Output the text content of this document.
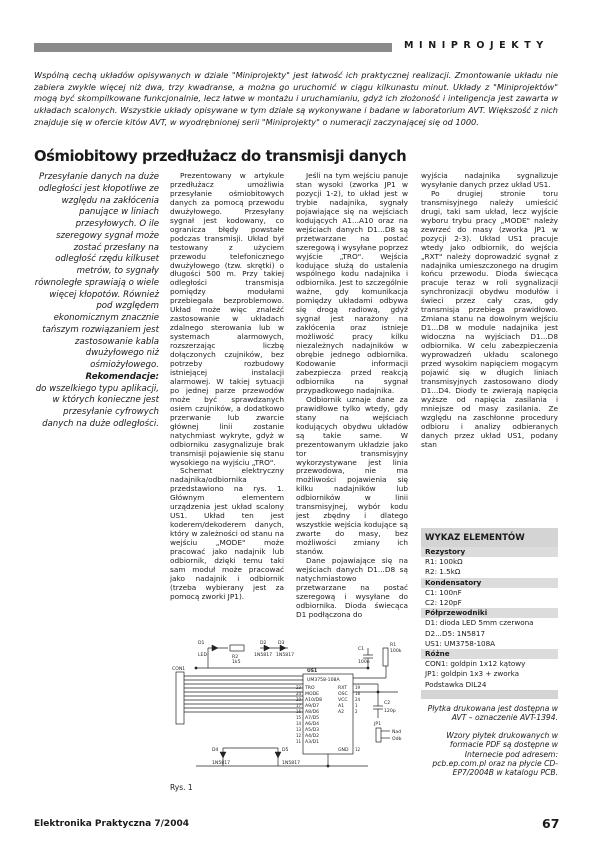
MINIPROJEKTY
Wspólną cechą układów opisywanych w dziale "Miniprojekty" jest łatwość ich praktycznej realizacji. Zmontowanie układu nie zabiera zwykle więcej niż dwa, trzy kwadranse, a można go uruchomić w ciągu kilkunastu minut. Układy z "Miniprojektów" mogą być skompilkowane funkcjonalnie, lecz łatwe w montażu i uruchamianiu, gdyż ich złożoność i inteligencja jest zawarta w układach scalonych. Wszystkie układy opisywane w tym dziale są wykonywane i badane w laboratorium AVT. Większość z nich znajduje się w ofercie kitów AVT, w wyodrębnionej serii "Miniprojekty" o numeracji zaczynającej się od 1000.
Ośmiobitowy przedłużacz do transmisji danych

Przesyłanie danych na duże odległości jest kłopotliwe ze względu na zakłócenia panujące w liniach przesyłowych. O ile szeregowy sygnał może zostać przesłany na odległość rzędu kilkuset metrów, to sygnały równoległe sprawiają o wiele więcej kłopotów. Również pod względem ekonomicznym znacznie tańszym rozwiązaniem jest zastosowanie kabla dwużyłowego niż ośmiożyłowego.

Rekomendacje:

do wszelkiego typu aplikacji, w których konieczne jest przesyłanie cyfrowych danych na duże odległości.

Prezentowany w artykule przedłużacz umożliwia przesyłanie ośmiobitowych danych za pomocą przewodu dwużyłowego. Przesyłany sygnał jest kodowany, co ogranicza błędy powstałe podczas transmisji. Układ był testowany z użyciem przewodu telefonicznego dwużyłowego (tzw. skrętki) o długości 500 m. Przy takiej odległości transmisja pomiędzy modułami przebiegała bezproblemowo. Układ może więc znaleźć zastosowanie w układach zdalnego sterowania lub w systemach alarmowych, rozszerzając liczbę dołączonych czujników, bez potrzeby rozbudowy istniejącej instalacji alarmowej. W takiej sytuacji po jednej parze przewodów może być sprawdzanych osiem czujników, a dodatkowo przerwanie lub zwarcie głównej linii zostanie natychmiast wykryte, gdyż w odbiorniku zasygnalizuje brak transmisji pojawienie się stanu wysokiego na wyjściu „TRO".

Schemat elektryczny nadajnika/odbiornika przedstawiono na rys. 1. Głównym elementem urządzenia jest układ scalony US1. Układ ten jest koderem/dekoderem danych, który w zależności od stanu na wejściu „MODE" może pracować jako nadajnik lub odbiornik, dzięki temu taki sam moduł może pracować jako nadajnik i odbiornik (trzeba wybierany jest za pomocą zworki JP1).

Jeśli na tym wejściu panuje stan wysoki (zworka JP1 w pozycji 1-2), to układ jest w trybie nadajnika, sygnały pojawiające się na wejściach kodujących A1...A10 oraz na wejściach danych D1...D8 są przetwarzane na postać szeregową i wysyłane poprzez wyjście „TRO". Wejścia kodujące służą do ustalenia wspólnego kodu nadajnika i odbiornika. Jest to szczególnie ważne, gdy komunikacja pomiędzy układami odbywa się drogą radiową, gdyż sygnał jest narażony na zakłócenia oraz istnieje możliwość pracy kilku niezależnych nadajników w obrębie jednego odbiornika. Kodowanie informacji zabezpiecza przed reakcją odbiornika na sygnał przypadkowego nadajnika.

Odbiornik uznaje dane za prawidłowe tylko wtedy, gdy stany na wejściach kodujących obydwu układów są takie same. W prezentowanym układzie jako tor transmisyjny wykorzystywane jest linia przewodowa, nie ma możliwości pojawienia się kilku nadajników lub odbiorników w linii transmisyjnej, wybór kodu jest zbędny i dlatego wszystkie wejścia kodujące są zwarte do masy, bez możliwości zmiany ich stanów.

Dane pojawiające się na wejściach danych D1...D8 są natychmiastowo przetwarzane na postać szeregową i wysyłane do odbiornika. Dioda świecąca D1 podłączona do

wyjścia nadajnika sygnalizuje wysyłanie danych przez układ US1.

Po drugiej stronie toru transmisyjnego należy umieścić drugi, taki sam układ, lecz wyjście wyboru trybu pracy „MODE" należy zewrzeć do masy (zworka JP1 w pozycji 2-3). Układ US1 pracuje wtedy jako odbiornik, do wejścia „RXT" należy doprowadzić sygnał z nadajnika umieszczonego na drugim końcu przewodu. Dioda świecąca pracuje teraz w roli sygnalizacji synchronizacji obydwu modułów i świeci przez cały czas, gdy transmisja przebiega prawidłowo. Zmiana stanu na dowolnym wejściu D1...D8 w module nadajnika jest widoczna na wyjściach D1...D8 odbiornika. W celu zabezpieczenia wyprowadzeń układu scalonego przed wysokim napięciem mogącym pojawić się w długich liniach transmisyjnych zastosowano diody D1...D4. Diody te zwierają napięcia wyższe od napięcia zasilania i mniejsze od masy zasilania. Ze względu na zaschłonne procedury odbioru i analizy odbieranych danych przez układ US1, podany stan

WYKAZ ELEMENTÓW
Rezystory
R1: 100kΩ
R2: 1.5kΩ
Kondensatory
C1: 100nF
C2: 120pF
Półprzewodniki
D1: dioda LED 5mm czerwona
D2...D5: 1N5817
US1: UM3758-108A
Różne
CON1: goldpin 1x12 kątowy
JP1: goldpin 1x3 + zworka
Podstawka DIL24

Płytka drukowana jest dostępna w AVT – oznaczenie AVT-1394.

Wzory płytek drukowanych w formacie PDF są dostępne w Internecie pod adresem: pcb.ep.com.pl oraz na płycie CD-EP7/2004B w katalogu PCB.

CON1	US1
UM3758-108A
TRO
MODE
A10/D8
A9/D7
A8/D6
A7/D5
A6/D4
A5/D3
A4/D2
A3/D1
RXT
OSC
VCC
A1
A2
GND
R1
100k
R2
1k5
C1
100n
C2
120p
D1
LED
D2
1N5817
D3
1N5817
D4
1N5817
D5
1N5817
JP1
Nad
Odb
23
24
20
17
16
15
14
13
12
11
19
18
24
1
2
12
Rys. 1
Elektronika Praktyczna 7/2004	67
